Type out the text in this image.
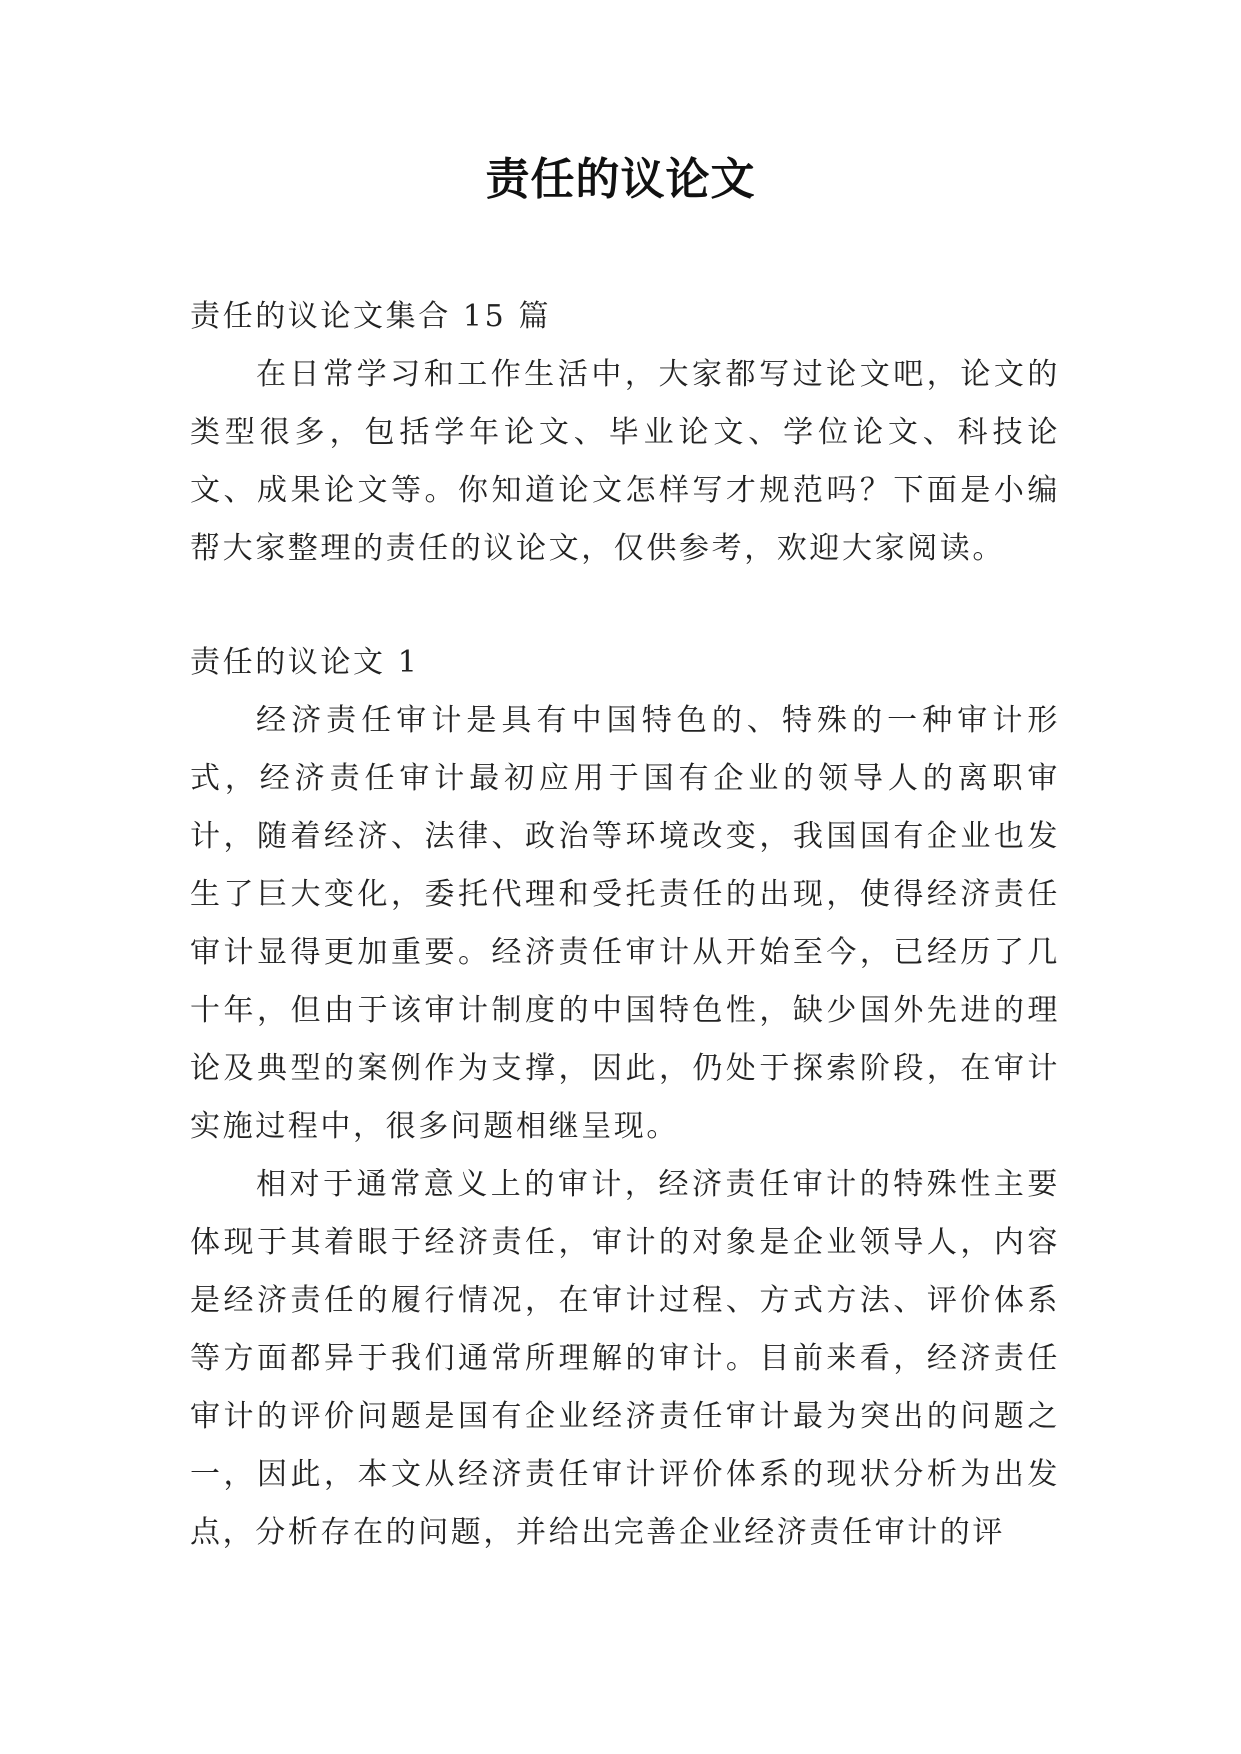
责任的议论文

责任的议论文集合 15 篇

在日常学习和工作生活中，大家都写过论文吧，论文的类型很多，包括学年论文、毕业论文、学位论文、科技论文、成果论文等。你知道论文怎样写才规范吗？下面是小编帮大家整理的责任的议论文，仅供参考，欢迎大家阅读。

责任的议论文 1

经济责任审计是具有中国特色的、特殊的一种审计形式，经济责任审计最初应用于国有企业的领导人的离职审计，随着经济、法律、政治等环境改变，我国国有企业也发生了巨大变化，委托代理和受托责任的出现，使得经济责任审计显得更加重要。经济责任审计从开始至今，已经历了几十年，但由于该审计制度的中国特色性，缺少国外先进的理论及典型的案例作为支撑，因此，仍处于探索阶段，在审计实施过程中，很多问题相继呈现。

相对于通常意义上的审计，经济责任审计的特殊性主要体现于其着眼于经济责任，审计的对象是企业领导人，内容是经济责任的履行情况，在审计过程、方式方法、评价体系等方面都异于我们通常所理解的审计。目前来看，经济责任审计的评价问题是国有企业经济责任审计最为突出的问题之一，因此，本文从经济责任审计评价体系的现状分析为出发点，分析存在的问题，并给出完善企业经济责任审计的评
